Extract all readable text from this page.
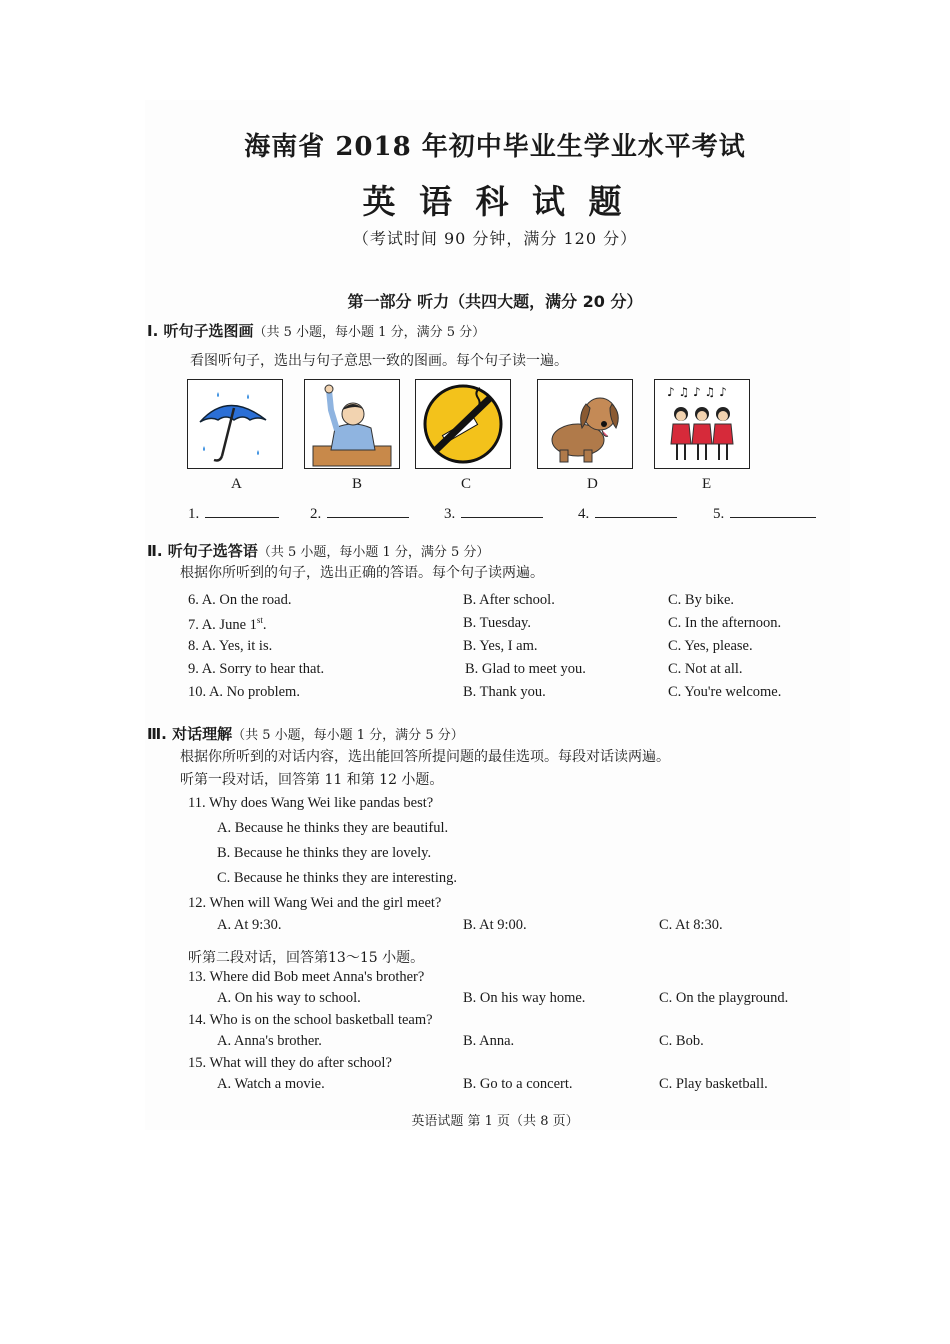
海南省 2018 年初中毕业生学业水平考试
英 语 科 试 题
（考试时间 90 分钟，满分 120 分）
第一部分 听力（共四大题，满分 20 分）
Ⅰ. 听句子选图画（共 5 小题，每小题 1 分，满分 5 分）
看图听句子，选出与句子意思一致的图画。每个句子读一遍。
♪ ♫ ♪ ♫ ♪
A	B	C	D	E
1.	2.	3.	4.	5.
Ⅱ. 听句子选答语（共 5 小题，每小题 1 分，满分 5 分）
根据你所听到的句子，选出正确的答语。每个句子读两遍。
6. A. On the road.	B. After school.	C. By bike.
7. A. June 1st.	B. Tuesday.	C. In the afternoon.
8. A. Yes, it is.	B. Yes, I am.	C. Yes, please.
9. A. Sorry to hear that.	B. Glad to meet you.	C. Not at all.
10. A. No problem.	B. Thank you.	C. You're welcome.
Ⅲ. 对话理解（共 5 小题，每小题 1 分，满分 5 分）
根据你所听到的对话内容，选出能回答所提问题的最佳选项。每段对话读两遍。
听第一段对话，回答第 11 和第 12 小题。
11. Why does Wang Wei like pandas best?
A. Because he thinks they are beautiful.
B. Because he thinks they are lovely.
C. Because he thinks they are interesting.
12. When will Wang Wei and the girl meet?
A. At 9:30.	B. At 9:00.	C. At 8:30.
听第二段对话，回答第13～15 小题。
13. Where did Bob meet Anna's brother?
A. On his way to school.	B. On his way home.	C. On the playground.
14. Who is on the school basketball team?
A. Anna's brother.	B. Anna.	C. Bob.
15. What will they do after school?
A. Watch a movie.	B. Go to a concert.	C. Play basketball.
英语试题 第 1 页（共 8 页）
